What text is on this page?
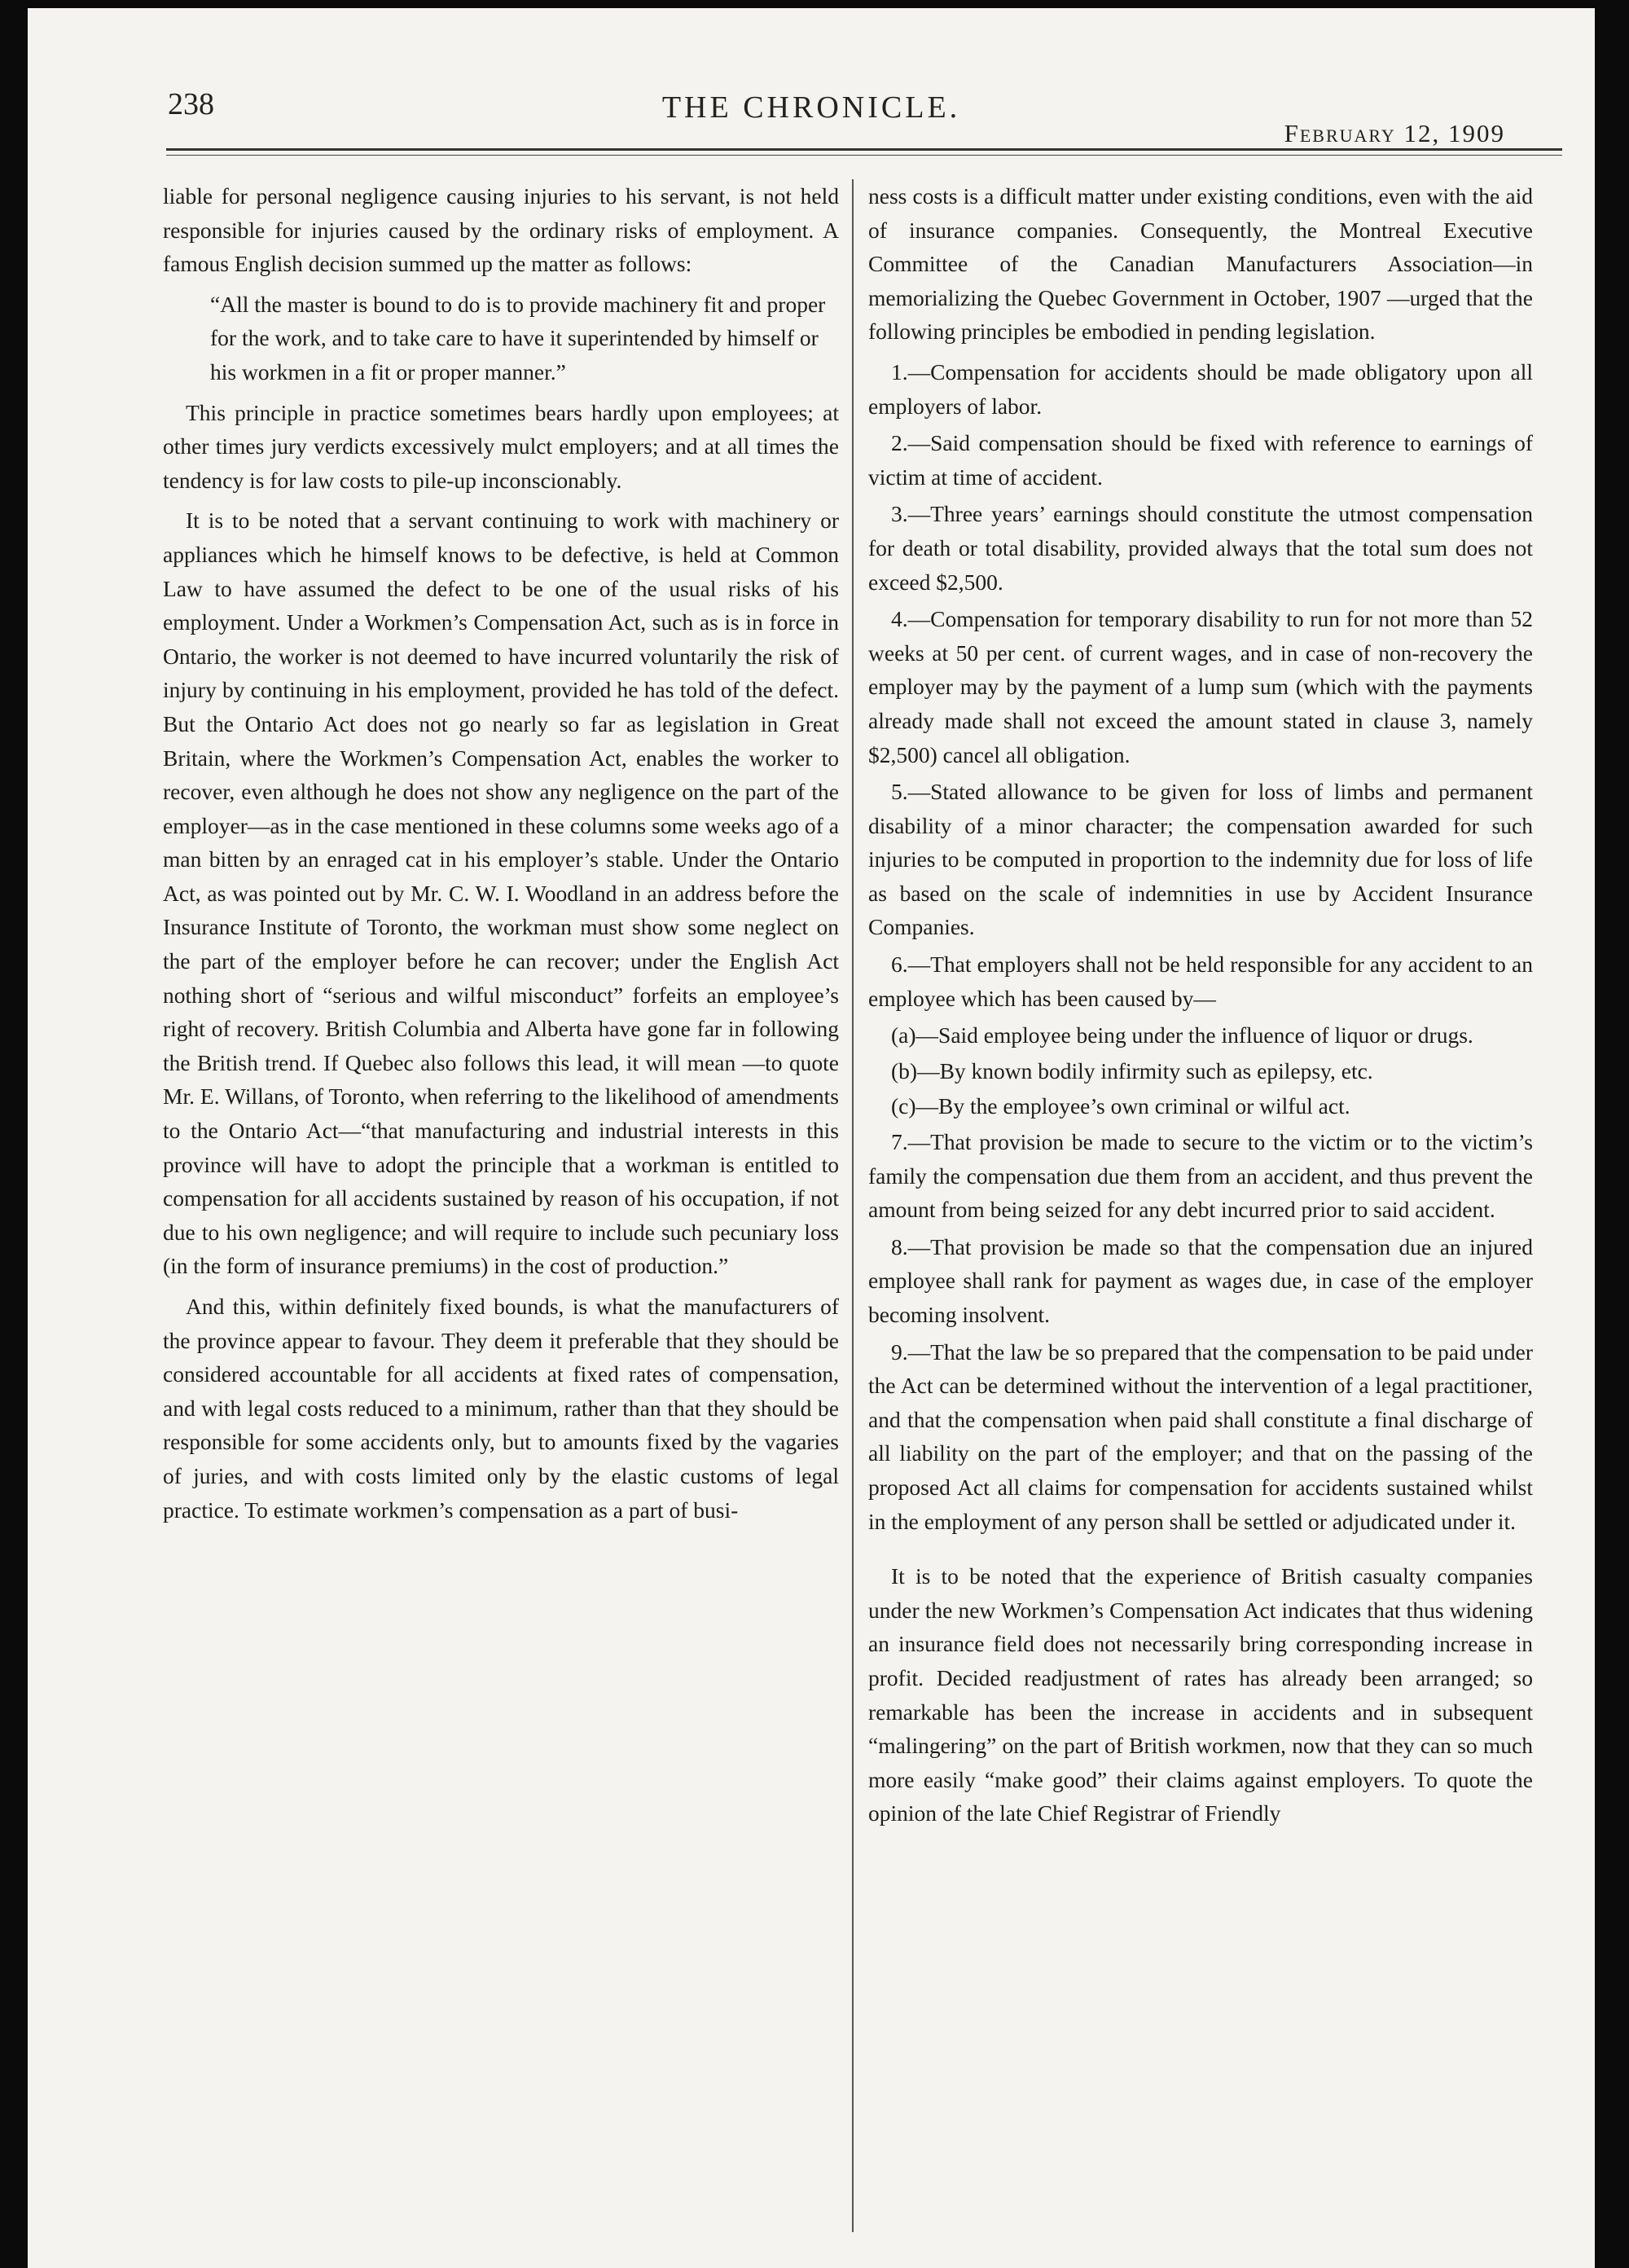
238	THE CHRONICLE.
February 12, 1909

liable for personal negligence causing injuries to his servant, is not held responsible for injuries caused by the ordinary risks of employment. A famous English decision summed up the matter as follows:

“All the master is bound to do is to provide machinery fit and proper for the work, and to take care to have it superintended by himself or his workmen in a fit or proper manner.”

This principle in practice sometimes bears hardly upon employees; at other times jury verdicts excessively mulct employers; and at all times the tendency is for law costs to pile-up inconscionably.

It is to be noted that a servant continuing to work with machinery or appliances which he himself knows to be defective, is held at Common Law to have assumed the defect to be one of the usual risks of his employment. Under a Workmen’s Compensation Act, such as is in force in Ontario, the worker is not deemed to have incurred voluntarily the risk of injury by continuing in his employment, provided he has told of the defect. But the Ontario Act does not go nearly so far as legislation in Great Britain, where the Workmen’s Compensation Act, enables the worker to recover, even although he does not show any negligence on the part of the employer—as in the case mentioned in these columns some weeks ago of a man bitten by an enraged cat in his employer’s stable. Under the Ontario Act, as was pointed out by Mr. C. W. I. Woodland in an address before the Insurance Institute of Toronto, the workman must show some neglect on the part of the employer before he can recover; under the English Act nothing short of “serious and wilful misconduct” forfeits an employee’s right of recovery. British Columbia and Alberta have gone far in following the British trend. If Quebec also follows this lead, it will mean —to quote Mr. E. Willans, of Toronto, when referring to the likelihood of amendments to the Ontario Act—“that manufacturing and industrial interests in this province will have to adopt the principle that a workman is entitled to compensation for all accidents sustained by reason of his occupation, if not due to his own negligence; and will require to include such pecuniary loss (in the form of insurance premiums) in the cost of production.”

And this, within definitely fixed bounds, is what the manufacturers of the province appear to favour. They deem it preferable that they should be considered accountable for all accidents at fixed rates of compensation, and with legal costs reduced to a minimum, rather than that they should be responsible for some accidents only, but to amounts fixed by the vagaries of juries, and with costs limited only by the elastic customs of legal practice. To estimate workmen’s compensation as a part of busi-

ness costs is a difficult matter under existing conditions, even with the aid of insurance companies. Consequently, the Montreal Executive Committee of the Canadian Manufacturers Association—in memorializing the Quebec Government in October, 1907 —urged that the following principles be embodied in pending legislation.

1.—Compensation for accidents should be made obligatory upon all employers of labor.

2.—Said compensation should be fixed with reference to earnings of victim at time of accident.

3.—Three years’ earnings should constitute the utmost compensation for death or total disability, provided always that the total sum does not exceed $2,500.

4.—Compensation for temporary disability to run for not more than 52 weeks at 50 per cent. of current wages, and in case of non-recovery the employer may by the payment of a lump sum (which with the payments already made shall not exceed the amount stated in clause 3, namely $2,500) cancel all obligation.

5.—Stated allowance to be given for loss of limbs and permanent disability of a minor character; the compensation awarded for such injuries to be computed in proportion to the indemnity due for loss of life as based on the scale of indemnities in use by Accident Insurance Companies.

6.—That employers shall not be held responsible for any accident to an employee which has been caused by—

(a)—Said employee being under the influence of liquor or drugs.

(b)—By known bodily infirmity such as epilepsy, etc.

(c)—By the employee’s own criminal or wilful act.

7.—That provision be made to secure to the victim or to the victim’s family the compensation due them from an accident, and thus prevent the amount from being seized for any debt incurred prior to said accident.

8.—That provision be made so that the compensation due an injured employee shall rank for payment as wages due, in case of the employer becoming insolvent.

9.—That the law be so prepared that the compensation to be paid under the Act can be determined without the intervention of a legal practitioner, and that the compensation when paid shall constitute a final discharge of all liability on the part of the employer; and that on the passing of the proposed Act all claims for compensation for accidents sustained whilst in the employment of any person shall be settled or adjudicated under it.

It is to be noted that the experience of British casualty companies under the new Workmen’s Compensation Act indicates that thus widening an insurance field does not necessarily bring corresponding increase in profit. Decided readjustment of rates has already been arranged; so remarkable has been the increase in accidents and in subsequent “malingering” on the part of British workmen, now that they can so much more easily “make good” their claims against employers. To quote the opinion of the late Chief Registrar of Friendly
